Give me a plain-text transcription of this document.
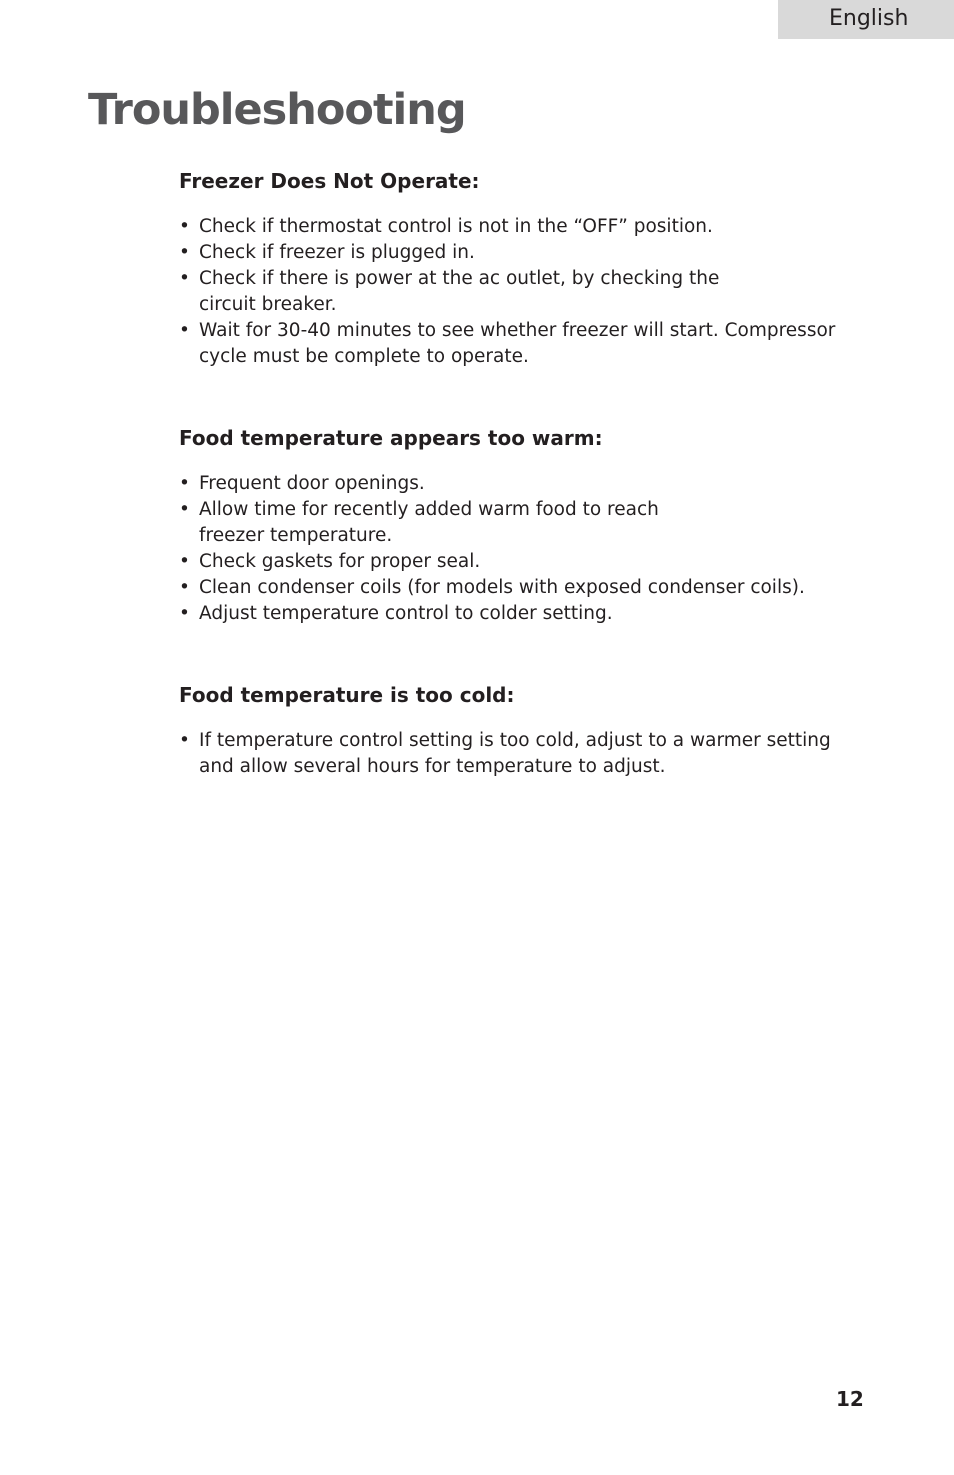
English
Troubleshooting
Freezer Does Not Operate:
• Check if thermostat control is not in the “OFF” position.
• Check if freezer is plugged in.
• Check if there is power at the ac outlet, by checking the
circuit breaker.
• Wait for 30-40 minutes to see whether freezer will start. Compressor
cycle must be complete to operate.
Food temperature appears too warm:
• Frequent door openings.
• Allow time for recently added warm food to reach
freezer temperature.
• Check gaskets for proper seal.
• Clean condenser coils (for models with exposed condenser coils).
• Adjust temperature control to colder setting.
Food temperature is too cold:
• If temperature control setting is too cold, adjust to a warmer setting
and allow several hours for temperature to adjust.
12
